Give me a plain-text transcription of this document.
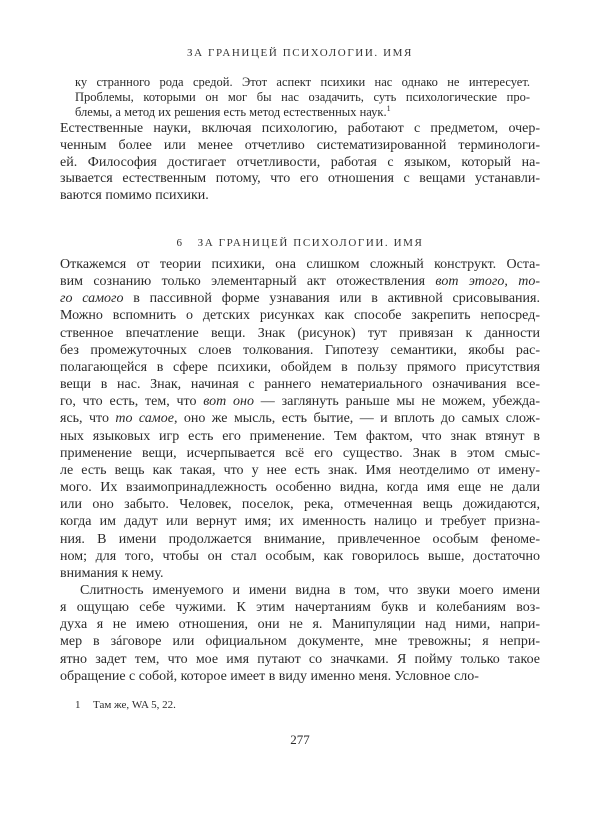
ЗА ГРАНИЦЕЙ ПСИХОЛОГИИ. ИМЯ
ку странного рода средой. Этот аспект психики нас однако не интересует.
Проблемы, которыми он мог бы нас озадачить, суть психологические про-
блемы, а метод их решения есть метод естественных наук.$^1$
Естественные науки, включая психологию, работают с предметом, очер-
ченным более или менее отчетливо систематизированной терминологи-
ей. Философия достигает отчетливости, работая с языком, который на-
зывается естественным потому, что его отношения с вещами устанавли-
ваются помимо психики.
6 ЗА ГРАНИЦЕЙ ПСИХОЛОГИИ. ИМЯ
Откажемся от теории психики, она слишком сложный конструкт. Оста-
вим сознанию только элементарный акт отожествления вот этого, то-
го самого в пассивной форме узнавания или в активной срисовывания.
Можно вспомнить о детских рисунках как способе закрепить непосред-
ственное впечатление вещи. Знак (рисунок) тут привязан к данности
без промежуточных слоев толкования. Гипотезу семантики, якобы рас-
полагающейся в сфере психики, обойдем в пользу прямого присутствия
вещи в нас. Знак, начиная с раннего нематериального означивания все-
го, что есть, тем, что вот оно — заглянуть раньше мы не можем, убежда-
ясь, что то самое, оно же мысль, есть бытие, — и вплоть до самых слож-
ных языковых игр есть его применение. Тем фактом, что знак втянут в
применение вещи, исчерпывается всё его существо. Знак в этом смыс-
ле есть вещь как такая, что у нее есть знак. Имя неотделимо от имену-
мого. Их взаимопринадлежность особенно видна, когда имя еще не дали
или оно забыто. Человек, поселок, река, отмеченная вещь дожидаются,
когда им дадут или вернут имя; их именность налицо и требует призна-
ния. В имени продолжается внимание, привлеченное особым феноме-
ном; для того, чтобы он стал особым, как говорилось выше, достаточно
внимания к нему.
Слитность именуемого и имени видна в том, что звуки моего имени
я ощущаю себе чужими. К этим начертаниям букв и колебаниям воз-
духа я не имею отношения, они не я. Манипуляции над ними, напри-
мер в зáговоре или официальном документе, мне тревожны; я непри-
ятно задет тем, что мое имя путают со значками. Я пойму только такое
обращение с собой, которое имеет в виду именно меня. Условное сло-
1 Там же, WA 5, 22.
277
